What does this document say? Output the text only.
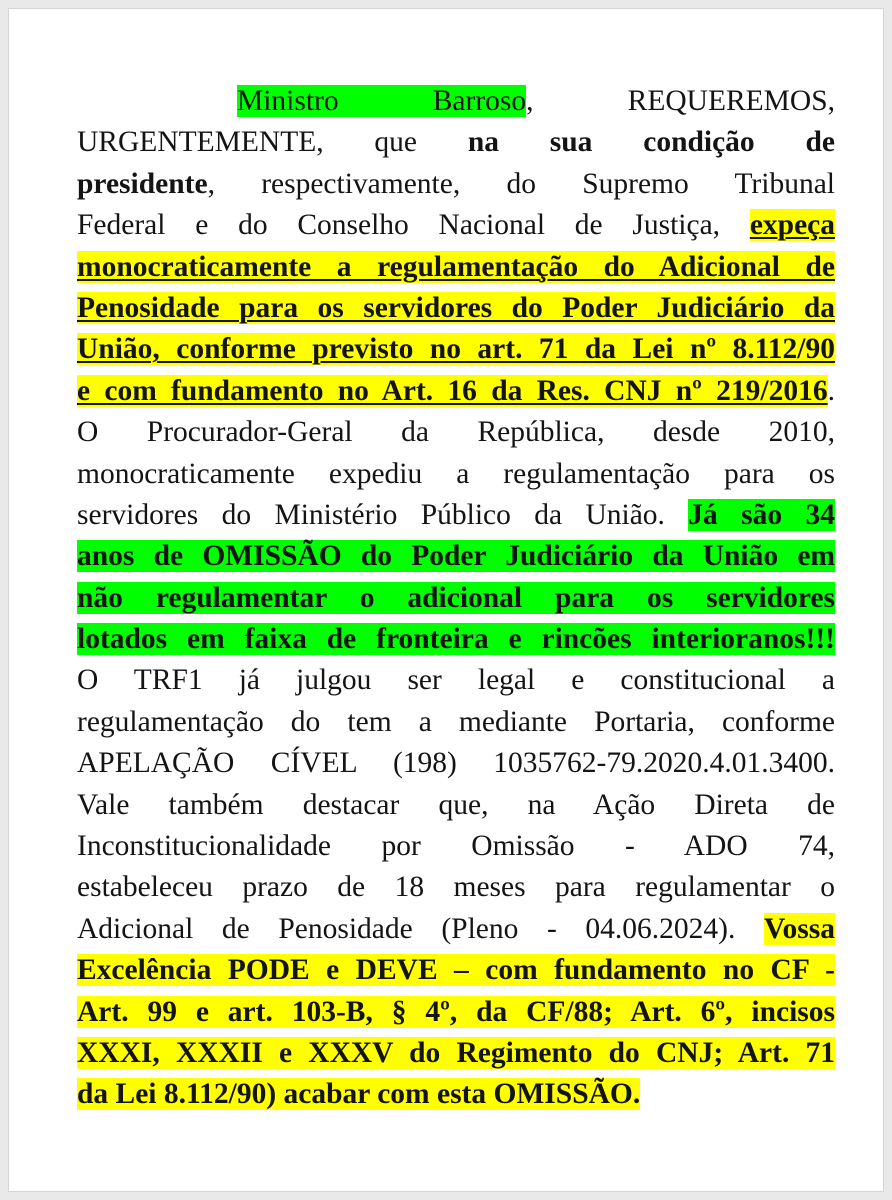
Ministro Barroso, REQUEREMOS,
URGENTEMENTE, que na sua condição de
presidente, respectivamente, do Supremo Tribunal
Federal e do Conselho Nacional de Justiça, expeça
monocraticamente a regulamentação do Adicional de
Penosidade para os servidores do Poder Judiciário da
União, conforme previsto no art. 71 da Lei nº 8.112/90
e com fundamento no Art. 16 da Res. CNJ nº 219/2016.
O Procurador-Geral da República, desde 2010,
monocraticamente expediu a regulamentação para os
servidores do Ministério Público da União. Já são 34
anos de OMISSÃO do Poder Judiciário da União em
não regulamentar o adicional para os servidores
lotados em faixa de fronteira e rincões interioranos!!!
O TRF1 já julgou ser legal e constitucional a
regulamentação do tem a mediante Portaria, conforme
APELAÇÃO CÍVEL (198) 1035762-79.2020.4.01.3400.
Vale também destacar que, na Ação Direta de
Inconstitucionalidade por Omissão - ADO 74,
estabeleceu prazo de 18 meses para regulamentar o
Adicional de Penosidade (Pleno - 04.06.2024). Vossa
Excelência PODE e DEVE – com fundamento no CF -
Art. 99 e art. 103-B, § 4º, da CF/88; Art. 6º, incisos
XXXI, XXXII e XXXV do Regimento do CNJ; Art. 71
da Lei 8.112/90) acabar com esta OMISSÃO.
